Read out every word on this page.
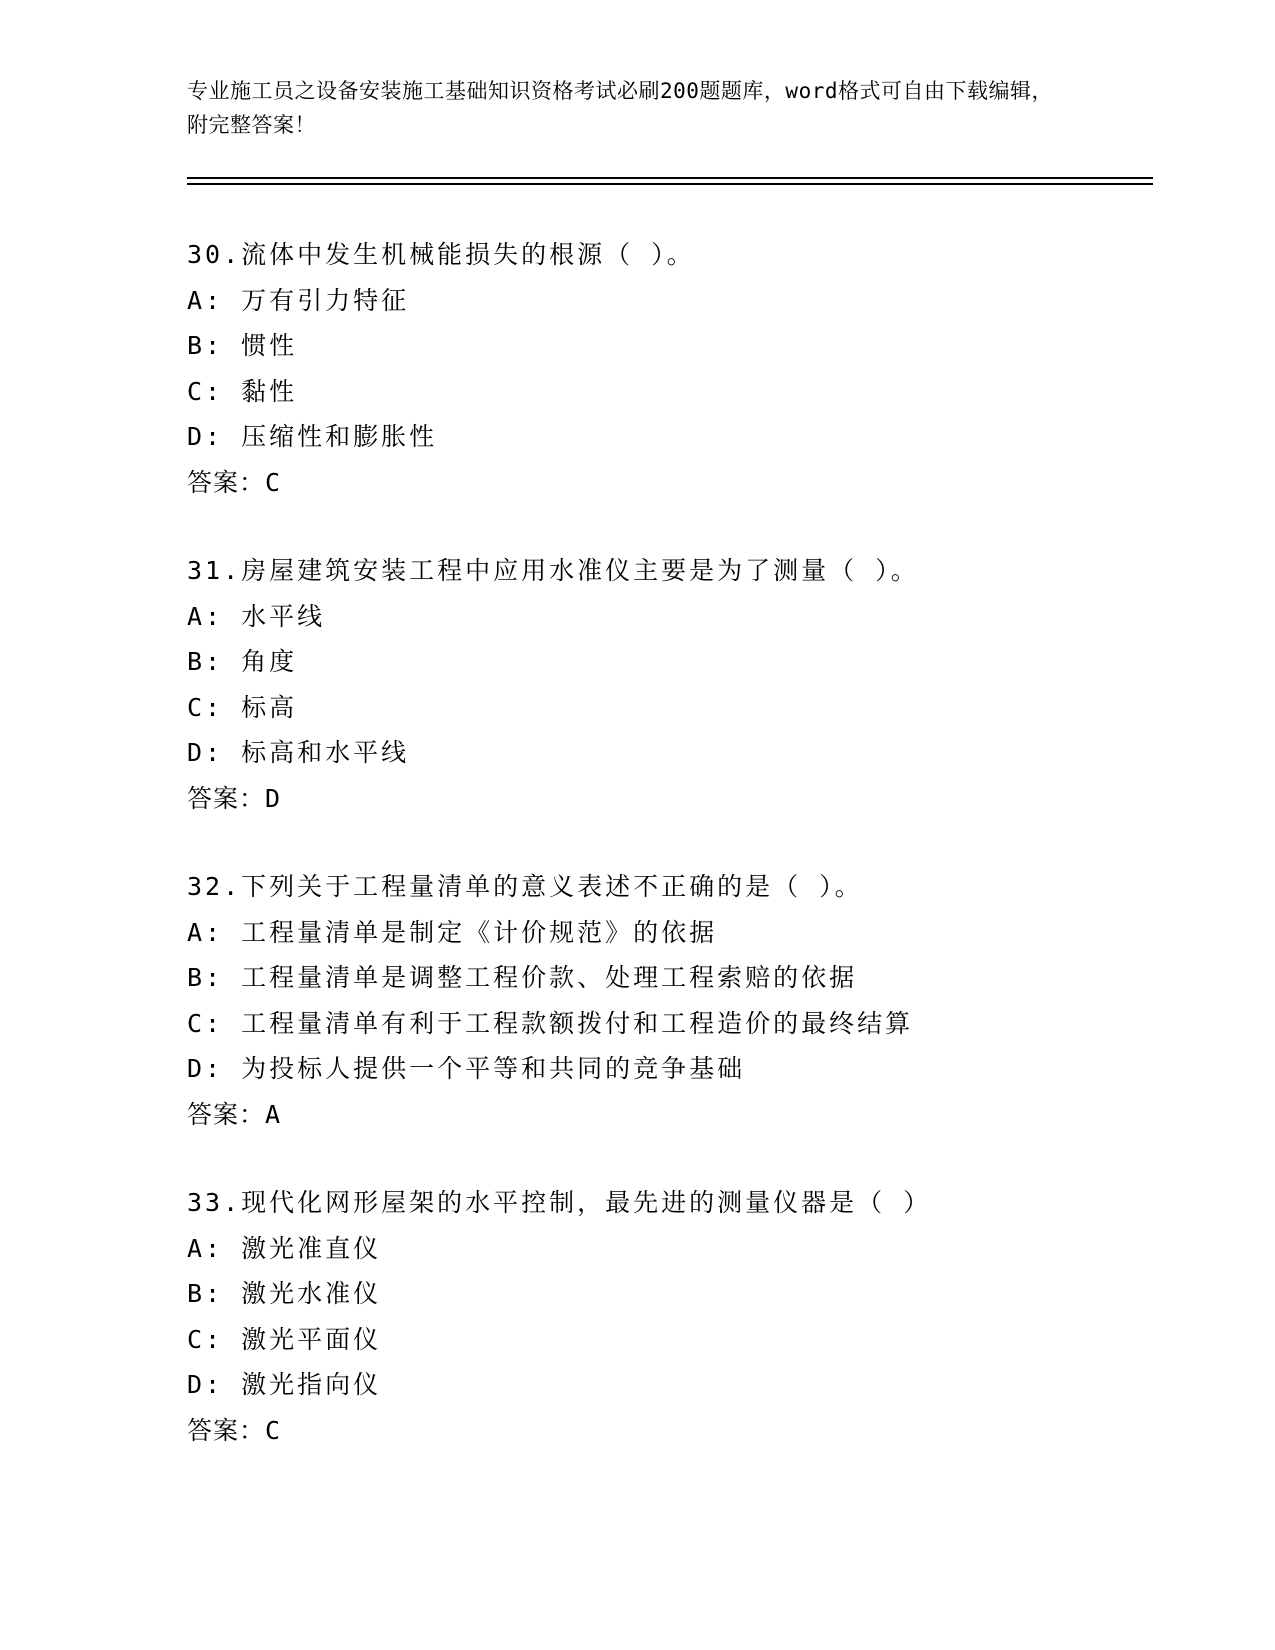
专业施工员之设备安装施工基础知识资格考试必刷200题题库，word格式可自由下载编辑，附完整答案！
30.流体中发生机械能损失的根源（ ）。
A: 万有引力特征
B: 惯性
C: 黏性
D: 压缩性和膨胀性
答案：C
31.房屋建筑安装工程中应用水准仪主要是为了测量（ ）。
A: 水平线
B: 角度
C: 标高
D: 标高和水平线
答案：D
32.下列关于工程量清单的意义表述不正确的是（ ）。
A: 工程量清单是制定《计价规范》的依据
B: 工程量清单是调整工程价款、处理工程索赔的依据
C: 工程量清单有利于工程款额拨付和工程造价的最终结算
D: 为投标人提供一个平等和共同的竞争基础
答案：A
33.现代化网形屋架的水平控制，最先进的测量仪器是（ ）
A: 激光准直仪
B: 激光水准仪
C: 激光平面仪
D: 激光指向仪
答案：C
